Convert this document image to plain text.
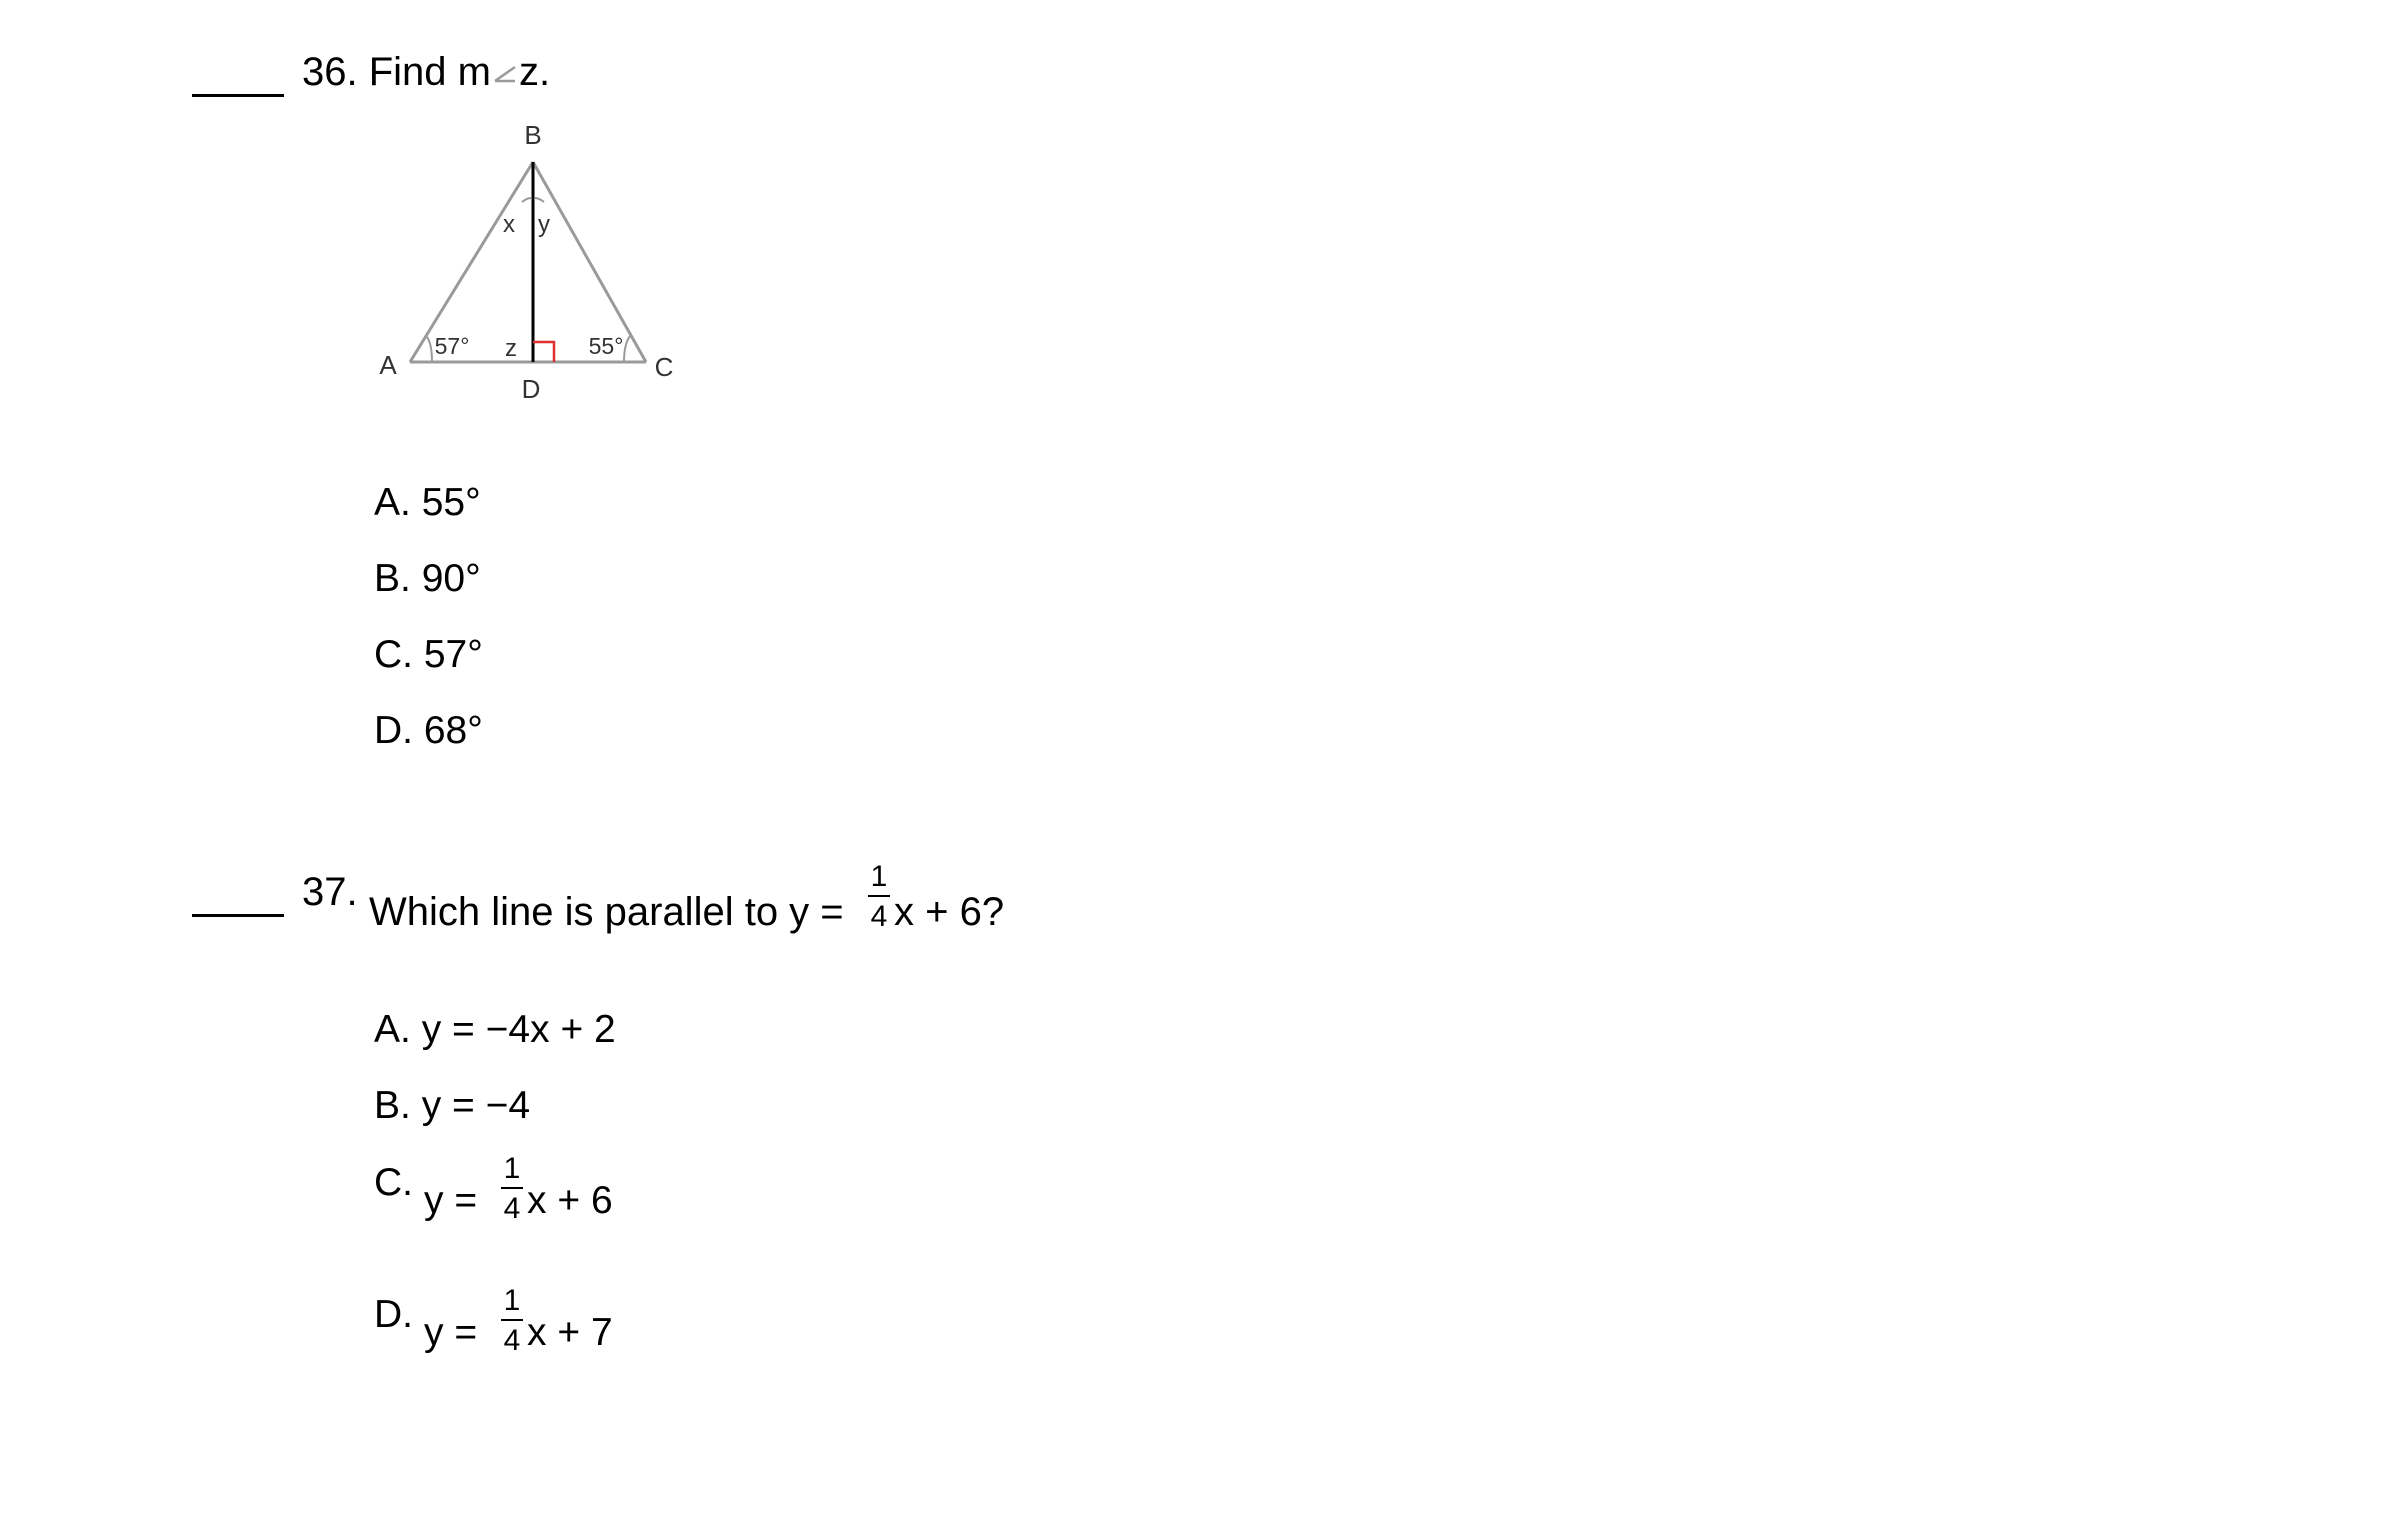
36. Find m z.
B
A	C
D
x y
z
57°	55°
A. 55°
B. 90°
C. 57°
D. 68°
37. Which line is parallel to y =
1
4 x + 6?
A. y = −4x + 2
B. y = −4
C. y =
1
4 x + 6
D. y =
1
4 x + 7
